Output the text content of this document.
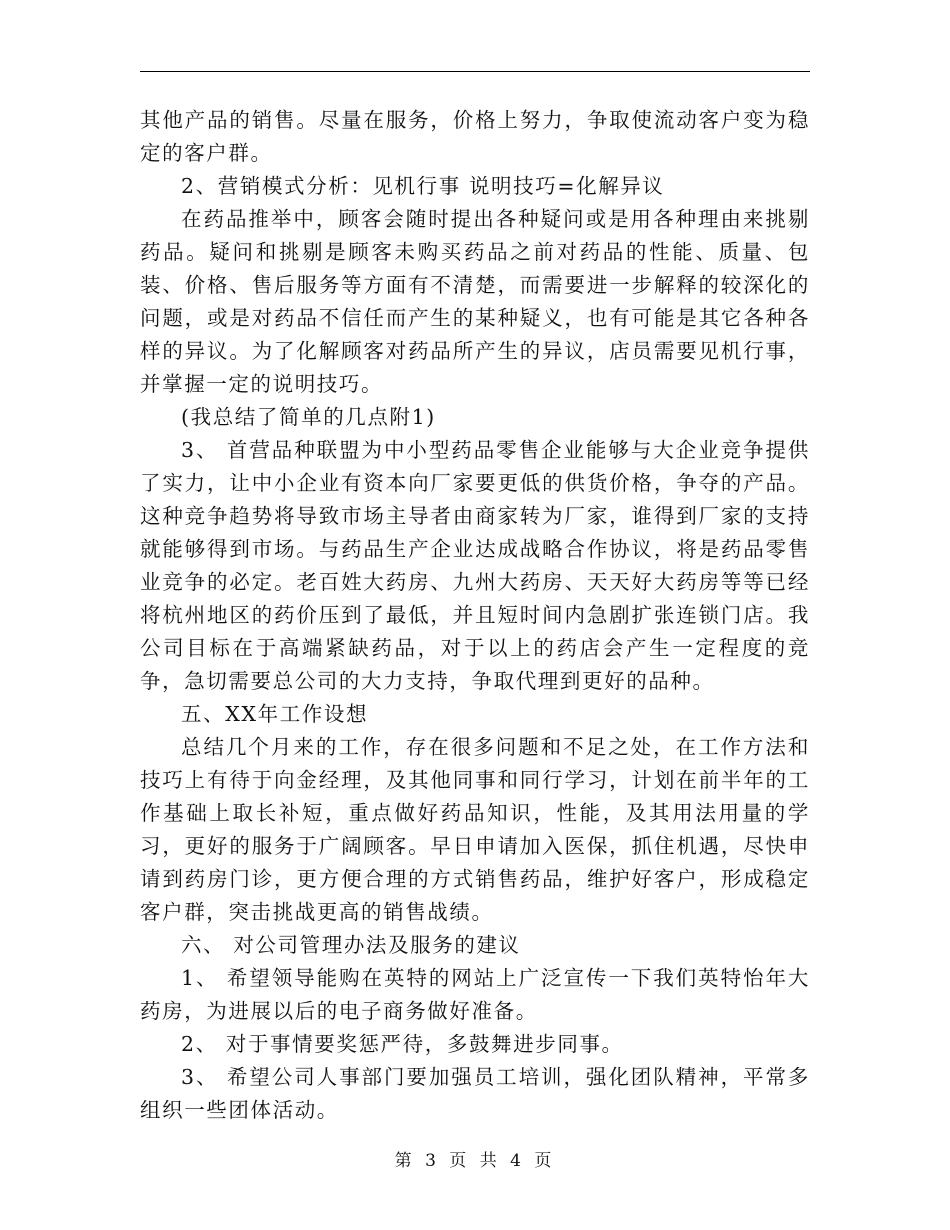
其他产品的销售。尽量在服务，价格上努力，争取使流动客户变为稳定的客户群。

2、营销模式分析：见机行事 说明技巧=化解异议

在药品推举中，顾客会随时提出各种疑问或是用各种理由来挑剔药品。疑问和挑剔是顾客未购买药品之前对药品的性能、质量、包装、价格、售后服务等方面有不清楚，而需要进一步解释的较深化的问题，或是对药品不信任而产生的某种疑义，也有可能是其它各种各样的异议。为了化解顾客对药品所产生的异议，店员需要见机行事，并掌握一定的说明技巧。

(我总结了简单的几点附1)

3、 首营品种联盟为中小型药品零售企业能够与大企业竞争提供了实力，让中小企业有资本向厂家要更低的供货价格，争夺的产品。这种竞争趋势将导致市场主导者由商家转为厂家，谁得到厂家的支持就能够得到市场。与药品生产企业达成战略合作协议，将是药品零售业竞争的必定。老百姓大药房、九州大药房、天天好大药房等等已经将杭州地区的药价压到了最低，并且短时间内急剧扩张连锁门店。我公司目标在于高端紧缺药品，对于以上的药店会产生一定程度的竞争，急切需要总公司的大力支持，争取代理到更好的品种。

五、XX年工作设想

总结几个月来的工作，存在很多问题和不足之处，在工作方法和技巧上有待于向金经理，及其他同事和同行学习，计划在前半年的工作基础上取长补短，重点做好药品知识，性能，及其用法用量的学习，更好的服务于广阔顾客。早日申请加入医保，抓住机遇，尽快申请到药房门诊，更方便合理的方式销售药品，维护好客户，形成稳定客户群，突击挑战更高的销售战绩。

六、 对公司管理办法及服务的建议

1、 希望领导能购在英特的网站上广泛宣传一下我们英特怡年大药房，为进展以后的电子商务做好准备。

2、 对于事情要奖惩严待，多鼓舞进步同事。

3、 希望公司人事部门要加强员工培训，强化团队精神，平常多组织一些团体活动。

第 3 页 共 4 页
